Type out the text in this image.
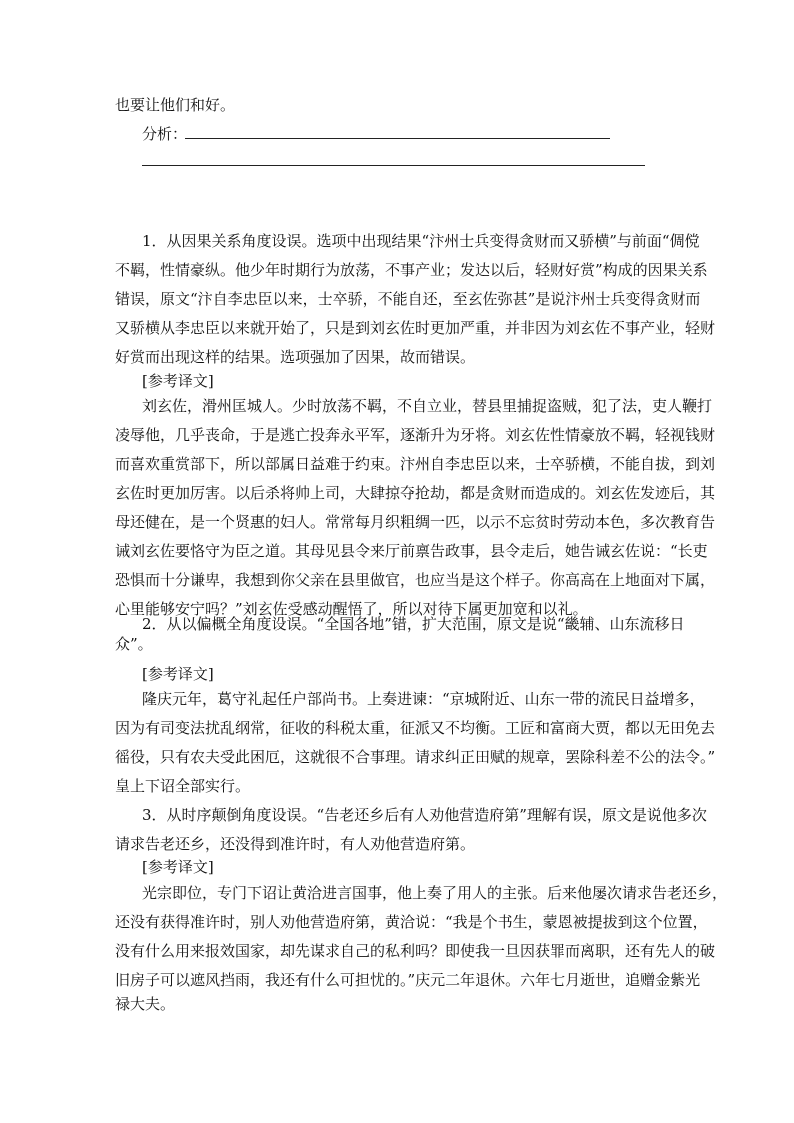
也要让他们和好。
分析：
1．从因果关系角度设误。选项中出现结果“汴州士兵变得贪财而又骄横”与前面“倜傥
不羁，性情豪纵。他少年时期行为放荡，不事产业；发达以后，轻财好赏”构成的因果关系
错误，原文“汴自李忠臣以来，士卒骄，不能自还，至玄佐弥甚”是说汴州士兵变得贪财而
又骄横从李忠臣以来就开始了，只是到刘玄佐时更加严重，并非因为刘玄佐不事产业，轻财
好赏而出现这样的结果。选项强加了因果，故而错误。
[参考译文]
刘玄佐，滑州匡城人。少时放荡不羁，不自立业，替县里捕捉盗贼，犯了法，吏人鞭打
凌辱他，几乎丧命，于是逃亡投奔永平军，逐渐升为牙将。刘玄佐性情豪放不羁，轻视钱财
而喜欢重赏部下，所以部属日益难于约束。汴州自李忠臣以来，士卒骄横，不能自拔，到刘
玄佐时更加厉害。以后杀将帅上司，大肆掠夺抢劫，都是贪财而造成的。刘玄佐发迹后，其
母还健在，是一个贤惠的妇人。常常每月织粗绸一匹，以示不忘贫时劳动本色，多次教育告
诫刘玄佐要恪守为臣之道。其母见县令来厅前禀告政事，县令走后，她告诫玄佐说：“长吏
恐惧而十分谦卑，我想到你父亲在县里做官，也应当是这个样子。你高高在上地面对下属，
心里能够安宁吗？”刘玄佐受感动醒悟了，所以对待下属更加宽和以礼。
2．从以偏概全角度设误。“全国各地”错，扩大范围，原文是说“畿辅、山东流移日
众”。
[参考译文]
隆庆元年，葛守礼起任户部尚书。上奏进谏：“京城附近、山东一带的流民日益增多，
因为有司变法扰乱纲常，征收的科税太重，征派又不均衡。工匠和富商大贾，都以无田免去
徭役，只有农夫受此困厄，这就很不合事理。请求纠正田赋的规章，罢除科差不公的法令。”
皇上下诏全部实行。
3．从时序颠倒角度设误。“告老还乡后有人劝他营造府第”理解有误，原文是说他多次
请求告老还乡，还没得到准许时，有人劝他营造府第。
[参考译文]
光宗即位，专门下诏让黄洽进言国事，他上奏了用人的主张。后来他屡次请求告老还乡，
还没有获得准许时，别人劝他营造府第，黄洽说：“我是个书生，蒙恩被提拔到这个位置，
没有什么用来报效国家，却先谋求自己的私利吗？即使我一旦因获罪而离职，还有先人的破
旧房子可以遮风挡雨，我还有什么可担忧的。”庆元二年退休。六年七月逝世，追赠金紫光
禄大夫。
